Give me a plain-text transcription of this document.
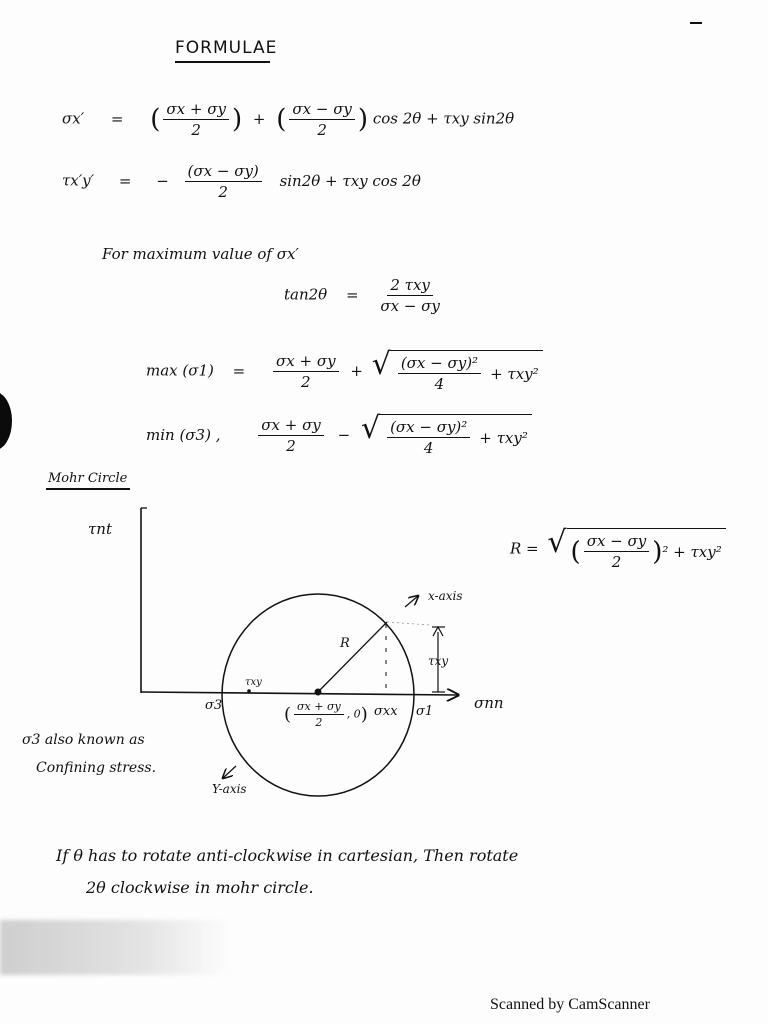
FORMULAE
σx′ = ( $\frac{\sigma x + \sigma y}{2}$ ) + ( $\frac{\sigma x - \sigma y}{2}$ ) cos 2θ + τxy sin2θ
τx′y′ = − $\frac{(\sigma x - \sigma y)}{2} \sin 2\theta + \tau xy$ cos 2θ
For maximum value of σx′
$\tan 2\theta = \frac{\text{2 τxy}}{\sigma x - \sigma y}$
$\max (\sigma 1) = \frac{\sigma x + \sigma y}{2}$ + √ $\frac{\text{(σx − σy)²}}{4} + \tau xy^2$
min (σ3) ,	$\frac{\sigma x + \sigma y}{2}$ − √ $\frac{\text{(σx − σy)²}}{4} + \tau xy^2$
Mohr Circle
R = √ ( $\frac{\sigma x - \sigma y}{2}$ ) ² + τxy²
τnt
σnn
x-axis
Y-axis
R
τxy
τxy
σ3	σ1
σxx
( $\frac{\sigma x + \sigma y}{2}$ , 0)
σ3 also known as
Confining stress.
If θ has to rotate anti-clockwise in cartesian, Then rotate
2θ clockwise in mohr circle.
Scanned by CamScanner
